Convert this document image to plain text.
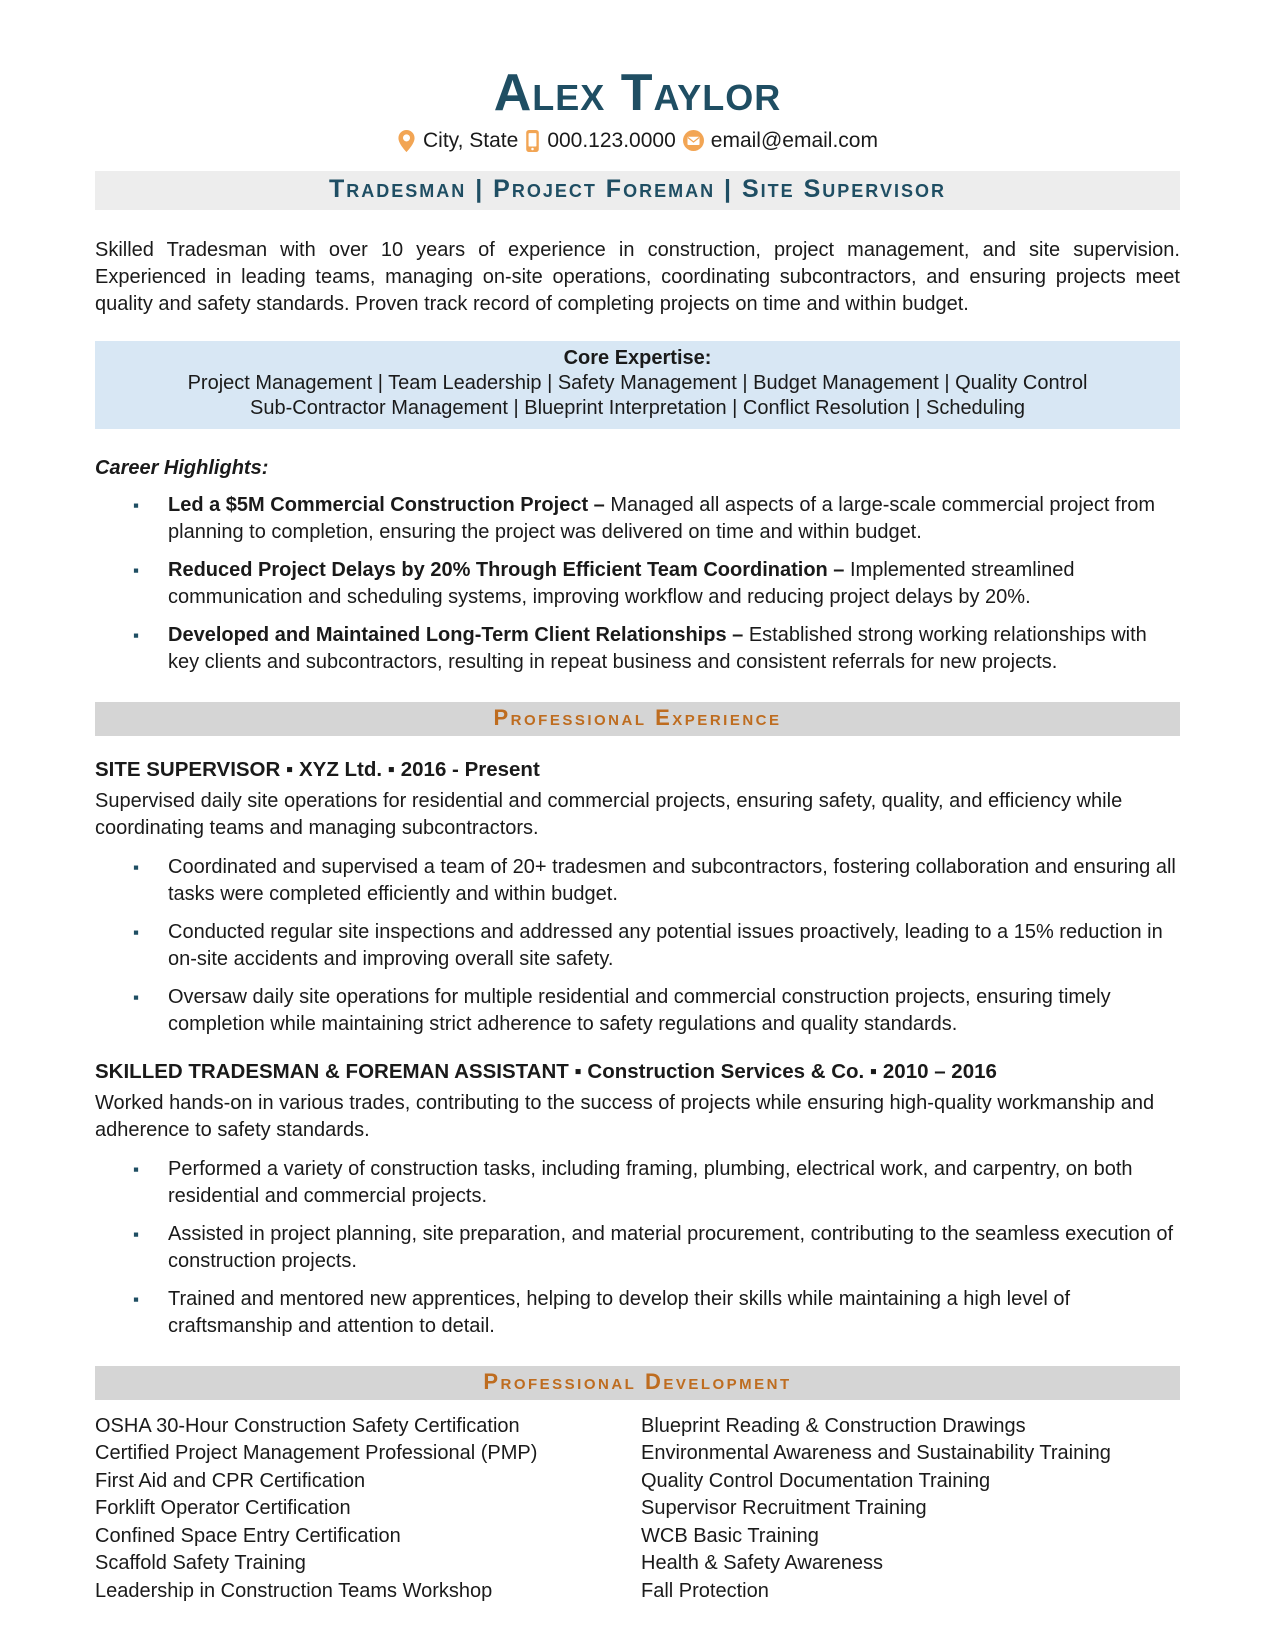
Alex Taylor
City, State 000.123.0000 email@email.com
Tradesman | Project Foreman | Site Supervisor

Skilled Tradesman with over 10 years of experience in construction, project management, and site supervision. Experienced in leading teams, managing on-site operations, coordinating subcontractors, and ensuring projects meet quality and safety standards. Proven track record of completing projects on time and within budget.

Core Expertise:
Project Management | Team Leadership | Safety Management | Budget Management | Quality Control
Sub-Contractor Management | Blueprint Interpretation | Conflict Resolution | Scheduling
Career Highlights:
▪ Led a $5M Commercial Construction Project – Managed all aspects of a large-scale commercial project from planning to completion, ensuring the project was delivered on time and within budget.
▪ Reduced Project Delays by 20% Through Efficient Team Coordination – Implemented streamlined communication and scheduling systems, improving workflow and reducing project delays by 20%.
▪ Developed and Maintained Long-Term Client Relationships – Established strong working relationships with key clients and subcontractors, resulting in repeat business and consistent referrals for new projects.
Professional Experience
SITE SUPERVISOR ▪ XYZ Ltd. ▪ 2016 - Present

Supervised daily site operations for residential and commercial projects, ensuring safety, quality, and efficiency while coordinating teams and managing subcontractors.

▪ Coordinated and supervised a team of 20+ tradesmen and subcontractors, fostering collaboration and ensuring all tasks were completed efficiently and within budget.
▪ Conducted regular site inspections and addressed any potential issues proactively, leading to a 15% reduction in on-site accidents and improving overall site safety.
▪ Oversaw daily site operations for multiple residential and commercial construction projects, ensuring timely completion while maintaining strict adherence to safety regulations and quality standards.
SKILLED TRADESMAN & FOREMAN ASSISTANT ▪ Construction Services & Co. ▪ 2010 – 2016

Worked hands-on in various trades, contributing to the success of projects while ensuring high-quality workmanship and adherence to safety standards.

▪ Performed a variety of construction tasks, including framing, plumbing, electrical work, and carpentry, on both residential and commercial projects.
▪ Assisted in project planning, site preparation, and material procurement, contributing to the seamless execution of construction projects.
▪ Trained and mentored new apprentices, helping to develop their skills while maintaining a high level of craftsmanship and attention to detail.
Professional Development
OSHA 30-Hour Construction Safety Certification
Certified Project Management Professional (PMP)
First Aid and CPR Certification
Forklift Operator Certification
Confined Space Entry Certification
Scaffold Safety Training
Leadership in Construction Teams Workshop
Blueprint Reading & Construction Drawings
Environmental Awareness and Sustainability Training
Quality Control Documentation Training
Supervisor Recruitment Training
WCB Basic Training
Health & Safety Awareness
Fall Protection
